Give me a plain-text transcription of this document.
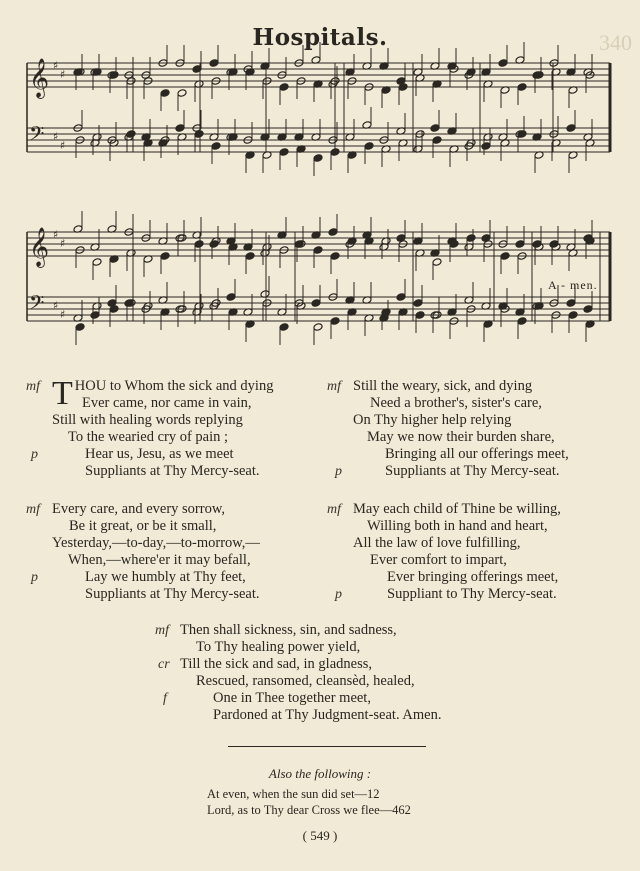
340
Hospitals.
𝄞 ♯
♯
𝄢 ♯
♯
𝄞 ♯
♯
𝄢 ♯
♯
A - men.
mf T HOU to Whom the sick and dying
Ever came, nor came in vain,
Still with healing words replying
To the wearied cry of pain ;
p	Hear us, Jesu, as we meet
Suppliants at Thy Mercy-seat.
mf Still the weary, sick, and dying
Need a brother's, sister's care,
On Thy higher help relying
May we now their burden share,
Bringing all our offerings meet,
p	Suppliants at Thy Mercy-seat.
mf Every care, and every sorrow,
Be it great, or be it small,
Yesterday,—to-day,—to-morrow,—
When,—where'er it may befall,
p	Lay we humbly at Thy feet,
Suppliants at Thy Mercy-seat.
mf May each child of Thine be willing,
Willing both in hand and heart,
All the law of love fulfilling,
Ever comfort to impart,
Ever bringing offerings meet,
p	Suppliant to Thy Mercy-seat.
mf Then shall sickness, sin, and sadness,
To Thy healing power yield,
cr Till the sick and sad, in gladness,
Rescued, ransomed, cleansèd, healed,
f	One in Thee together meet,
Pardoned at Thy Judgment-seat. Amen.
Also the following :
At even, when the sun did set—12
Lord, as to Thy dear Cross we flee—462
( 549 )
